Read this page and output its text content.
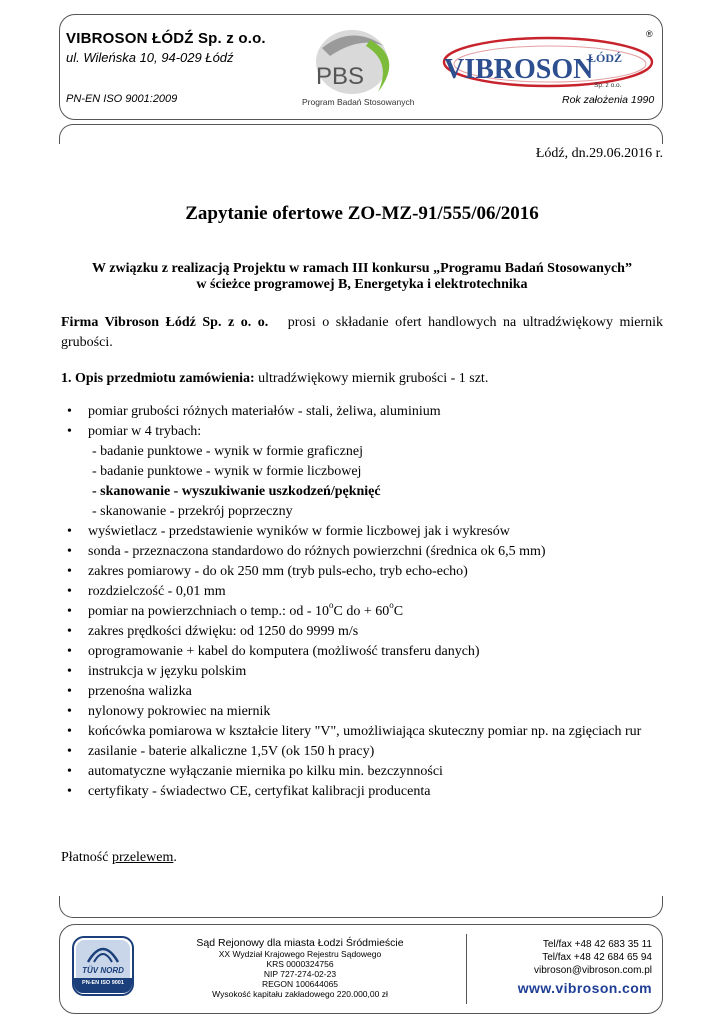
VIBROSON ŁÓDŹ Sp. z o.o.
ul. Wileńska 10, 94-029 Łódź
PN-EN ISO 9001:2009
PBS
Program Badań Stosowanych
VIBROSON
ŁÓDŹ
Sp. z o.o.
®
Rok założenia 1990
Łódź, dn.29.06.2016 r.
Zapytanie ofertowe ZO-MZ-91/555/06/2016
W związku z realizacją Projektu w ramach III konkursu „Programu Badań Stosowanych”
w ścieżce programowej B, Energetyka i elektrotechnika
Firma Vibroson Łódź Sp. z o. o. prosi o składanie ofert handlowych na ultradźwiękowy miernik grubości.
1. Opis przedmiotu zamówienia: ultradźwiękowy miernik grubości - 1 szt.
• pomiar grubości różnych materiałów - stali, żeliwa, aluminium
• pomiar w 4 trybach:
- badanie punktowe - wynik w formie graficznej
- badanie punktowe - wynik w formie liczbowej
- skanowanie - wyszukiwanie uszkodzeń/pęknięć
- skanowanie - przekrój poprzeczny
• wyświetlacz - przedstawienie wyników w formie liczbowej jak i wykresów
• sonda - przeznaczona standardowo do różnych powierzchni (średnica ok 6,5 mm)
• zakres pomiarowy - do ok 250 mm (tryb puls-echo, tryb echo-echo)
• rozdzielczość - 0,01 mm
• pomiar na powierzchniach o temp.: od - 10$^o$C do + $60^oC$
• zakres prędkości dźwięku: od 1250 do 9999 m/s
• oprogramowanie + kabel do komputera (możliwość transferu danych)
• instrukcja w języku polskim
• przenośna walizka
• nylonowy pokrowiec na miernik
• końcówka pomiarowa w kształcie litery "V", umożliwiająca skuteczny pomiar np. na zgięciach rur
• zasilanie - baterie alkaliczne 1,5V (ok 150 h pracy)
• automatyczne wyłączanie miernika po kilku min. bezczynności
• certyfikaty - świadectwo CE, certyfikat kalibracji producenta
Płatność przelewem.
TÜV NORD
PN-EN ISO 9001
Sąd Rejonowy dla miasta Łodzi Śródmieście
XX Wydział Krajowego Rejestru Sądowego
KRS 0000324756
NIP 727-274-02-23
REGON 100644065
Wysokość kapitału zakładowego 220.000,00 zł
Tel/fax +48 42 683 35 11
Tel/fax +48 42 684 65 94
vibroson@vibroson.com.pl
www.vibroson.com
